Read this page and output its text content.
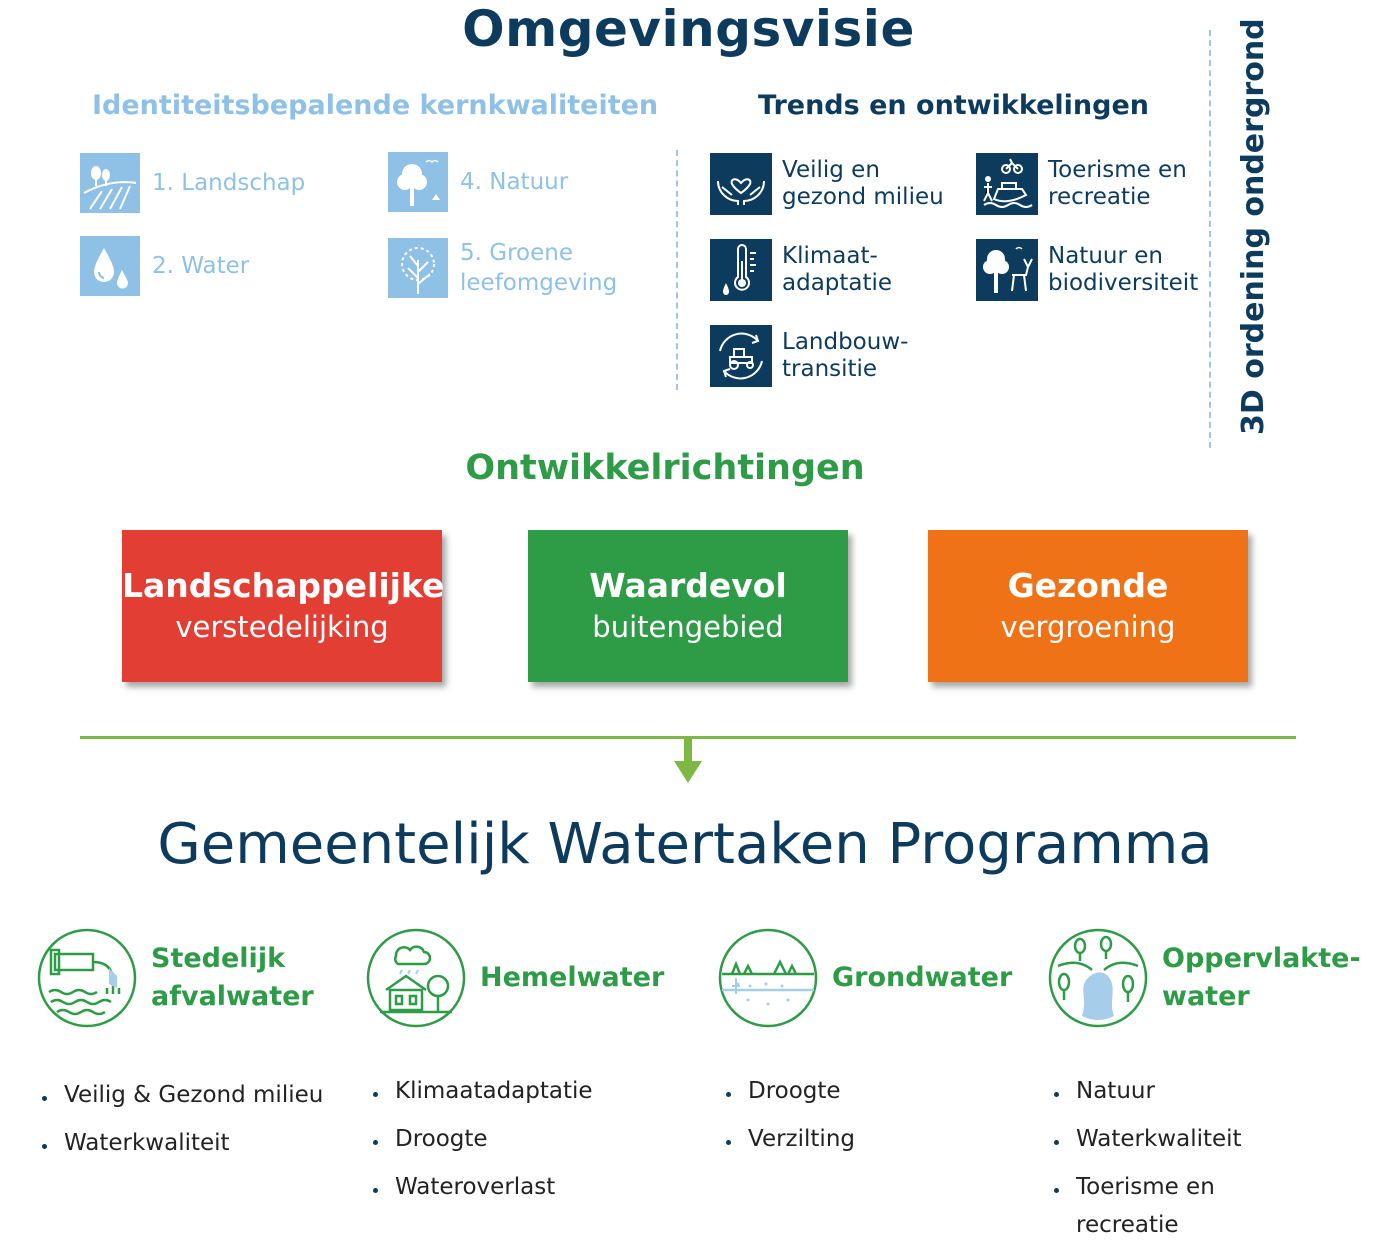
Omgevingsvisie
Identiteitsbepalende kernkwaliteiten
1. Landschap
2. Water
4. Natuur
5. Groene leefomgeving
Trends en ontwikkelingen
Veilig en gezond milieu
Klimaat-adaptatie
Landbouw-transitie
Toerisme en recreatie
Natuur en biodiversiteit	3D ordening ondergrond
Ontwikkelrichtingen
Landschappelijke
verstedelijking
Waardevol
buitengebied
Gezonde
vergroening
Gemeentelijk Watertaken Programma
Stedelijk afvalwater
Hemelwater	Grondwater
Oppervlakte-water
Veilig & Gezond milieu
Waterkwaliteit
Klimaatadaptatie
Droogte
Wateroverlast
Droogte
Verzilting
Natuur
Waterkwaliteit
Toerisme en recreatie
